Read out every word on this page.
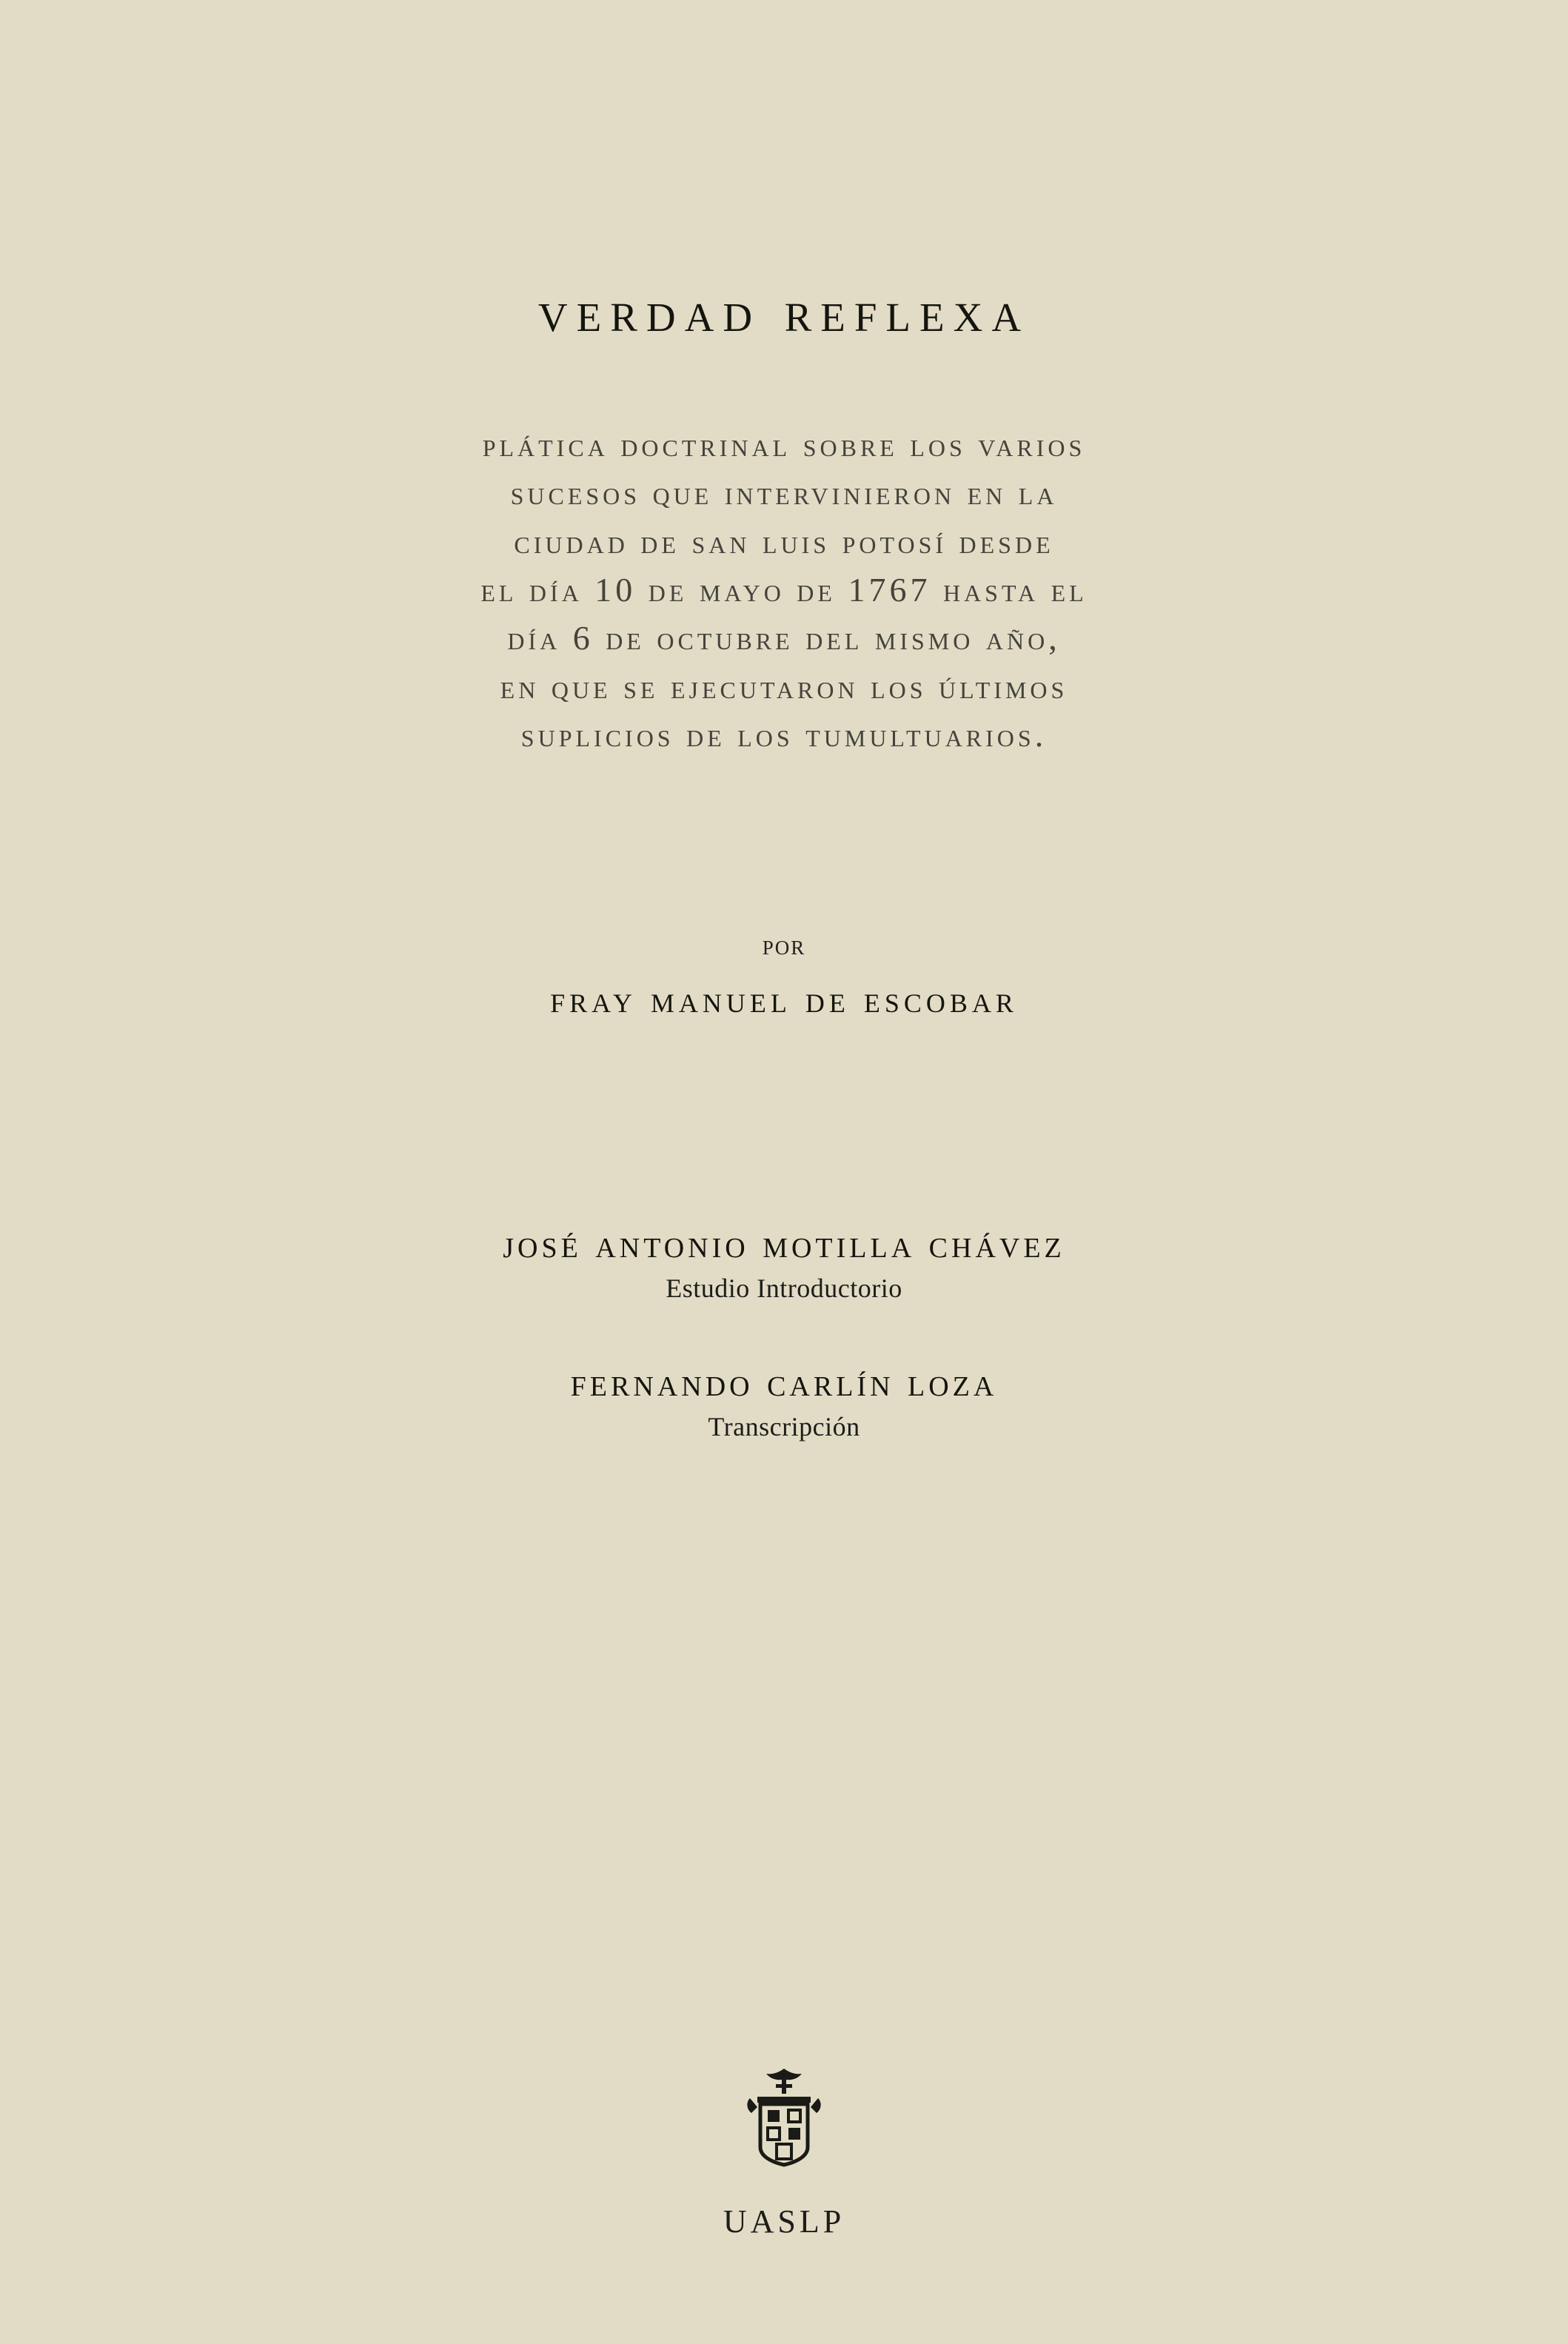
verdad reflexa
plática doctrinal sobre los varios
sucesos que intervinieron en la
ciudad de san luis potosí desde
el día 10 de mayo de 1767 hasta el
día 6 de octubre del mismo año,
en que se ejecutaron los últimos
suplicios de los tumultuarios.
por
fray manuel de escobar
josé antonio motilla chávez
Estudio Introductorio
fernando carlín loza
Transcripción
UASLP
